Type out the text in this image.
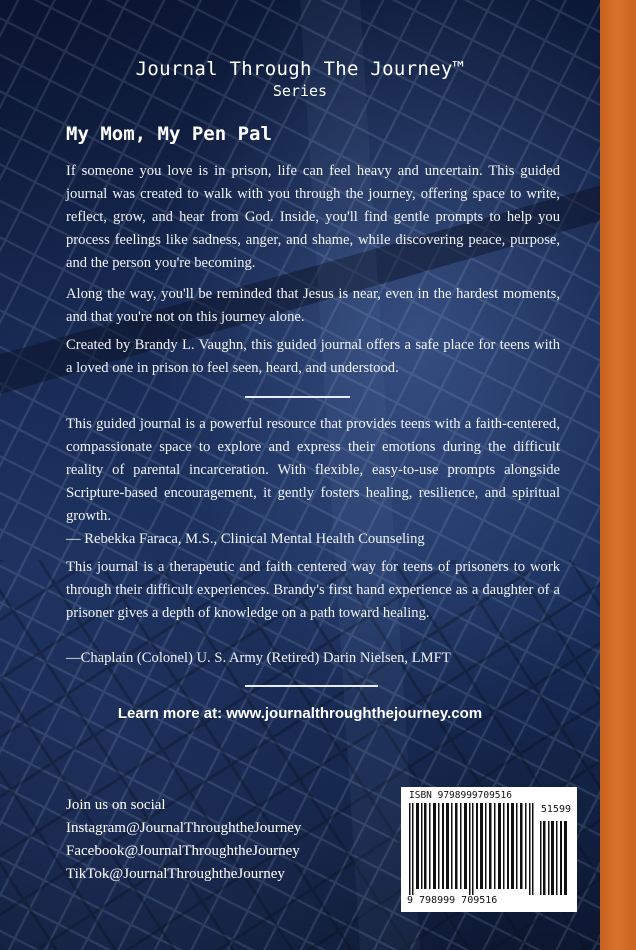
Journal Through The Journey™
Series
My Mom, My Pen Pal

If someone you love is in prison, life can feel heavy and uncertain. This guided journal was created to walk with you through the journey, offering space to write, reflect, grow, and hear from God. Inside, you'll find gentle prompts to help you process feelings like sadness, anger, and shame, while discovering peace, purpose, and the person you're becoming.

Along the way, you'll be reminded that Jesus is near, even in the hardest moments, and that you're not on this journey alone.

Created by Brandy L. Vaughn, this guided journal offers a safe place for teens with a loved one in prison to feel seen, heard, and understood.

This guided journal is a powerful resource that provides teens with a faith-centered, compassionate space to explore and express their emotions during the difficult reality of parental incarceration. With flexible, easy-to-use prompts alongside Scripture-based encouragement, it gently fosters healing, resilience, and spiritual growth.

— Rebekka Faraca, M.S., Clinical Mental Health Counseling

This journal is a therapeutic and faith centered way for teens of prisoners to work through their difficult experiences. Brandy's first hand experience as a daughter of a prisoner gives a depth of knowledge on a path toward healing.

—Chaplain (Colonel) U. S. Army (Retired) Darin Nielsen, LMFT

Learn more at: www.journalthroughthejourney.com
Join us on social
Instagram@JournalThroughtheJourney
Facebook@JournalThroughtheJourney
TikTok@JournalThroughtheJourney
ISBN 9798999709516
51599
9 798999 709516
